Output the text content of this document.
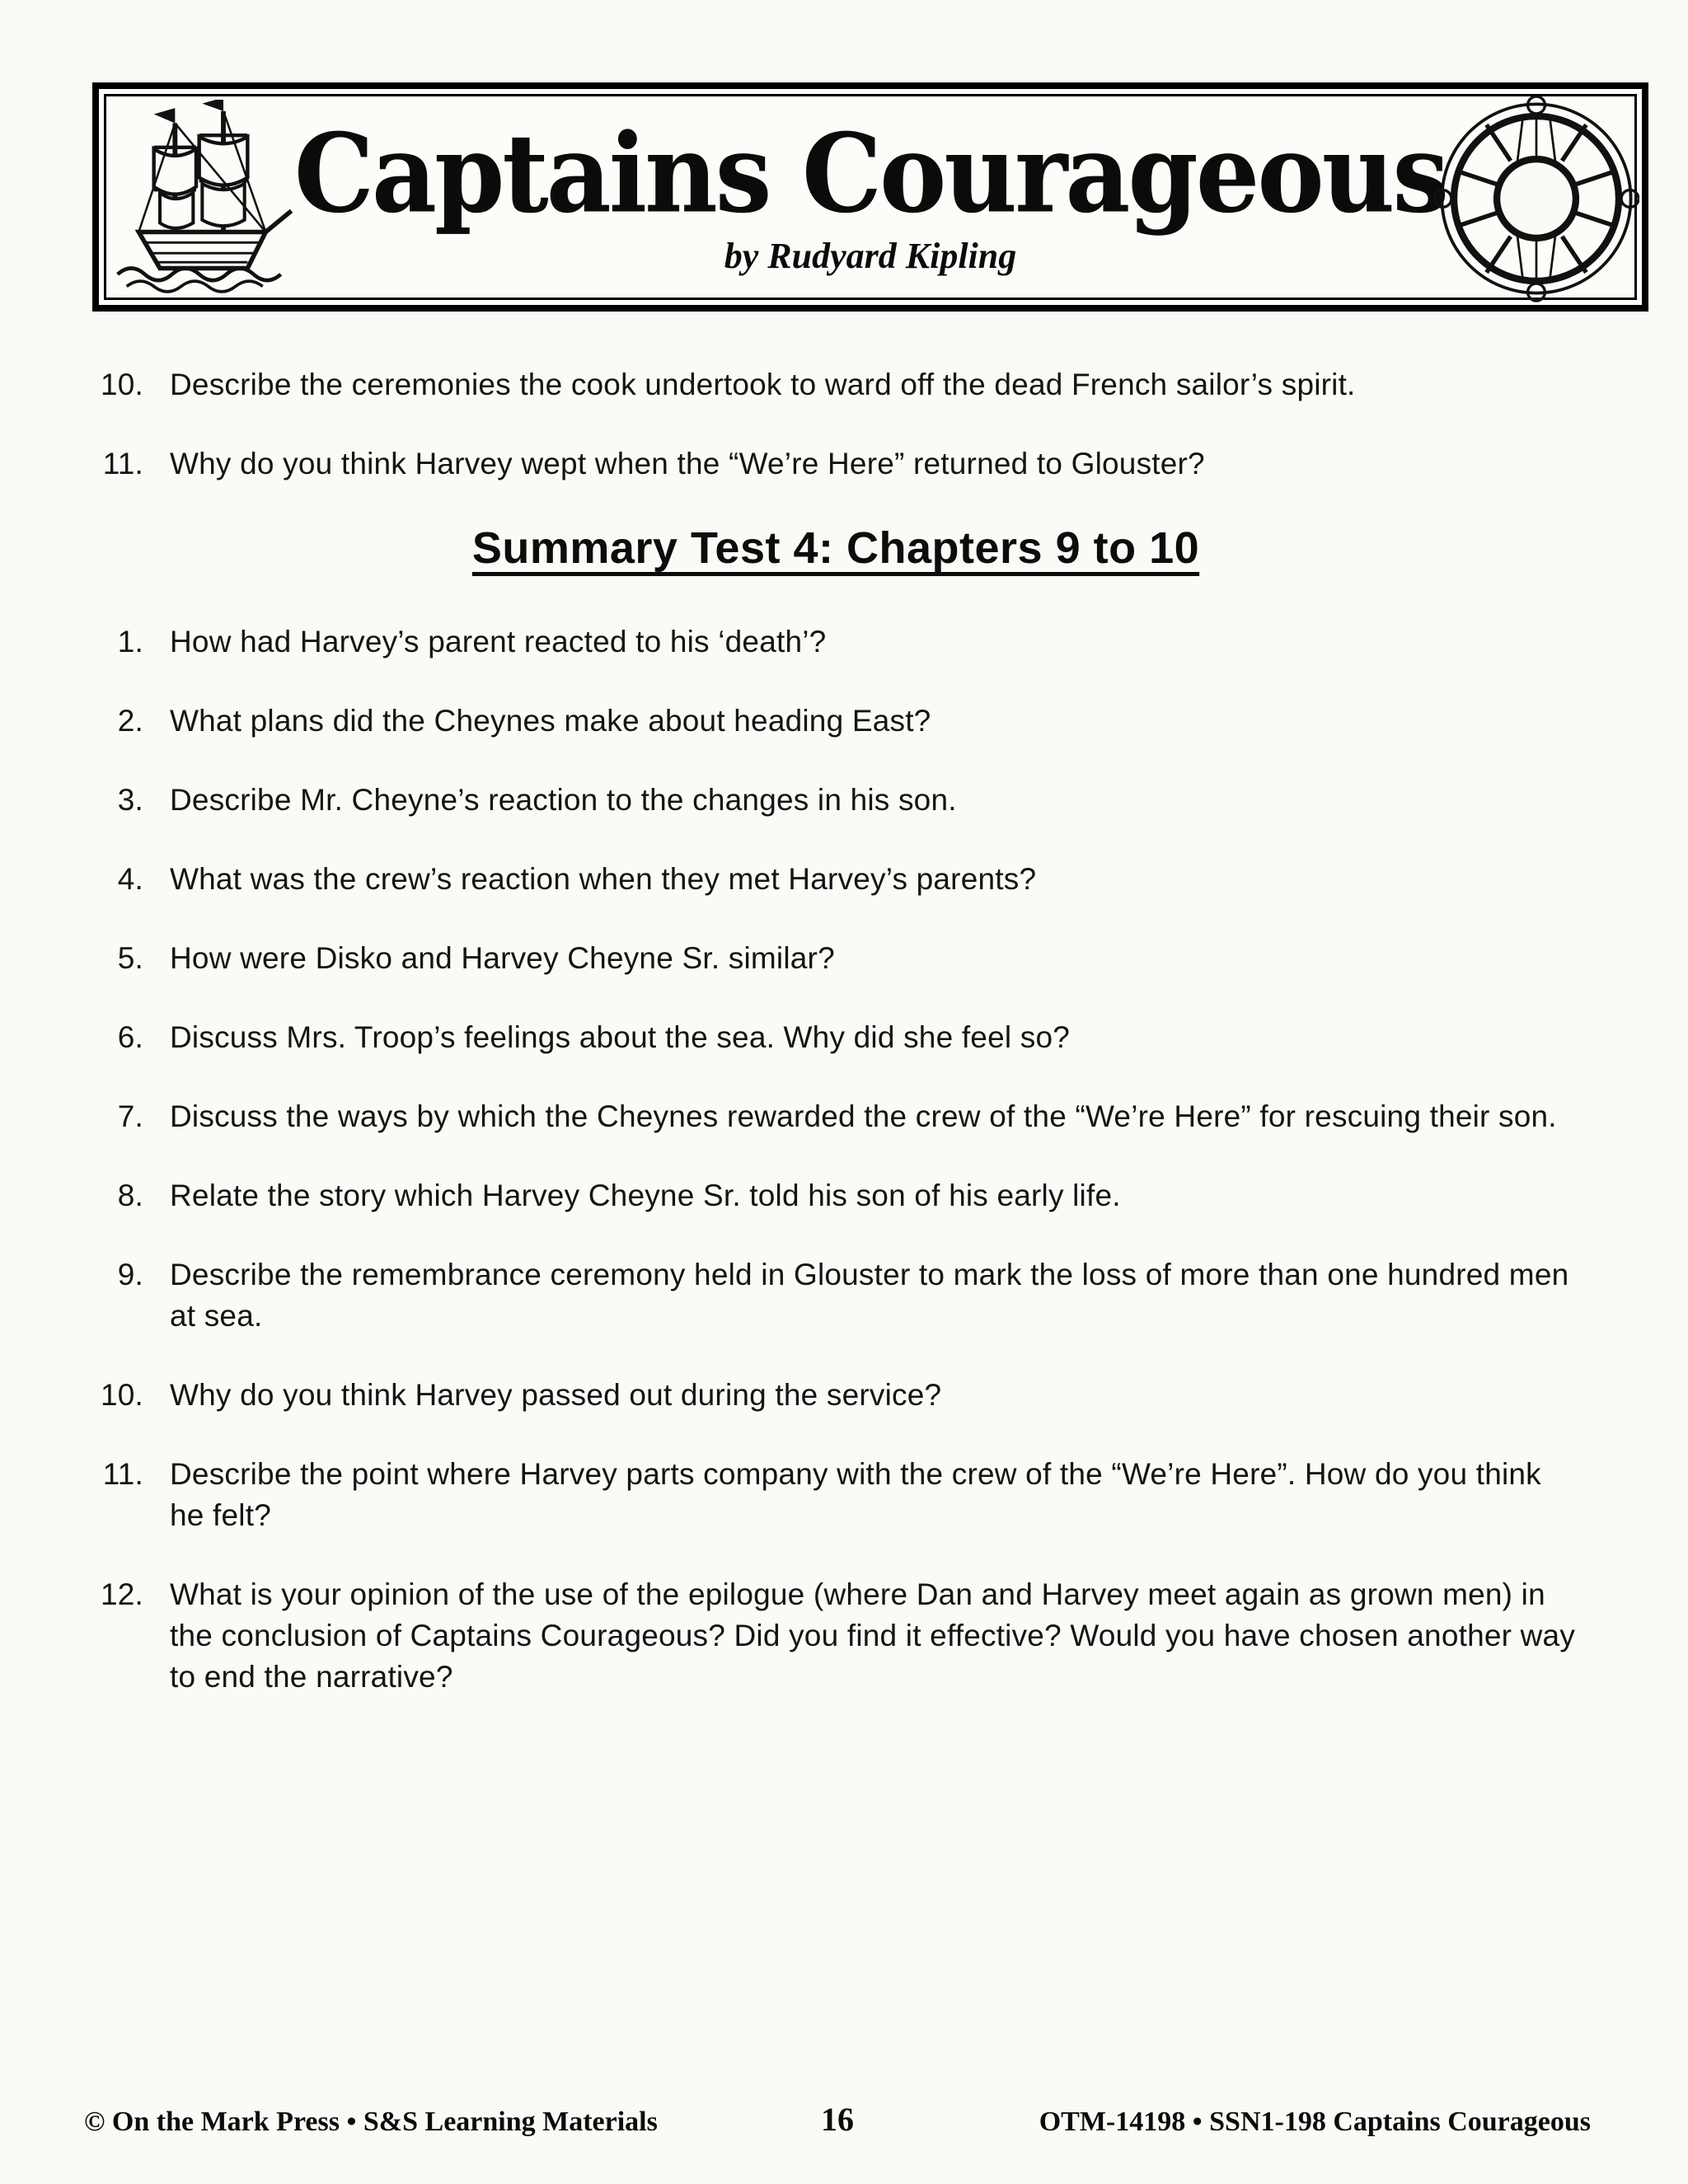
Captains Courageous
by Rudyard Kipling
10. Describe the ceremonies the cook undertook to ward off the dead French sailor’s spirit.
11. Why do you think Harvey wept when the “We’re Here” returned to Glouster?
Summary Test 4: Chapters 9 to 10
1. How had Harvey’s parent reacted to his ‘death’?
2. What plans did the Cheynes make about heading East?
3. Describe Mr. Cheyne’s reaction to the changes in his son.
4. What was the crew’s reaction when they met Harvey’s parents?
5. How were Disko and Harvey Cheyne Sr. similar?
6. Discuss Mrs. Troop’s feelings about the sea. Why did she feel so?
7. Discuss the ways by which the Cheynes rewarded the crew of the “We’re Here” for rescuing their son.
8. Relate the story which Harvey Cheyne Sr. told his son of his early life.
9. Describe the remembrance ceremony held in Glouster to mark the loss of more than one hundred men at sea.
10. Why do you think Harvey passed out during the service?
11. Describe the point where Harvey parts company with the crew of the “We’re Here”. How do you think he felt?
12. What is your opinion of the use of the epilogue (where Dan and Harvey meet again as grown men) in the conclusion of Captains Courageous? Did you find it effective? Would you have chosen another way to end the narrative?
© On the Mark Press • S&S Learning Materials	16	OTM-14198 • SSN1-198 Captains Courageous
